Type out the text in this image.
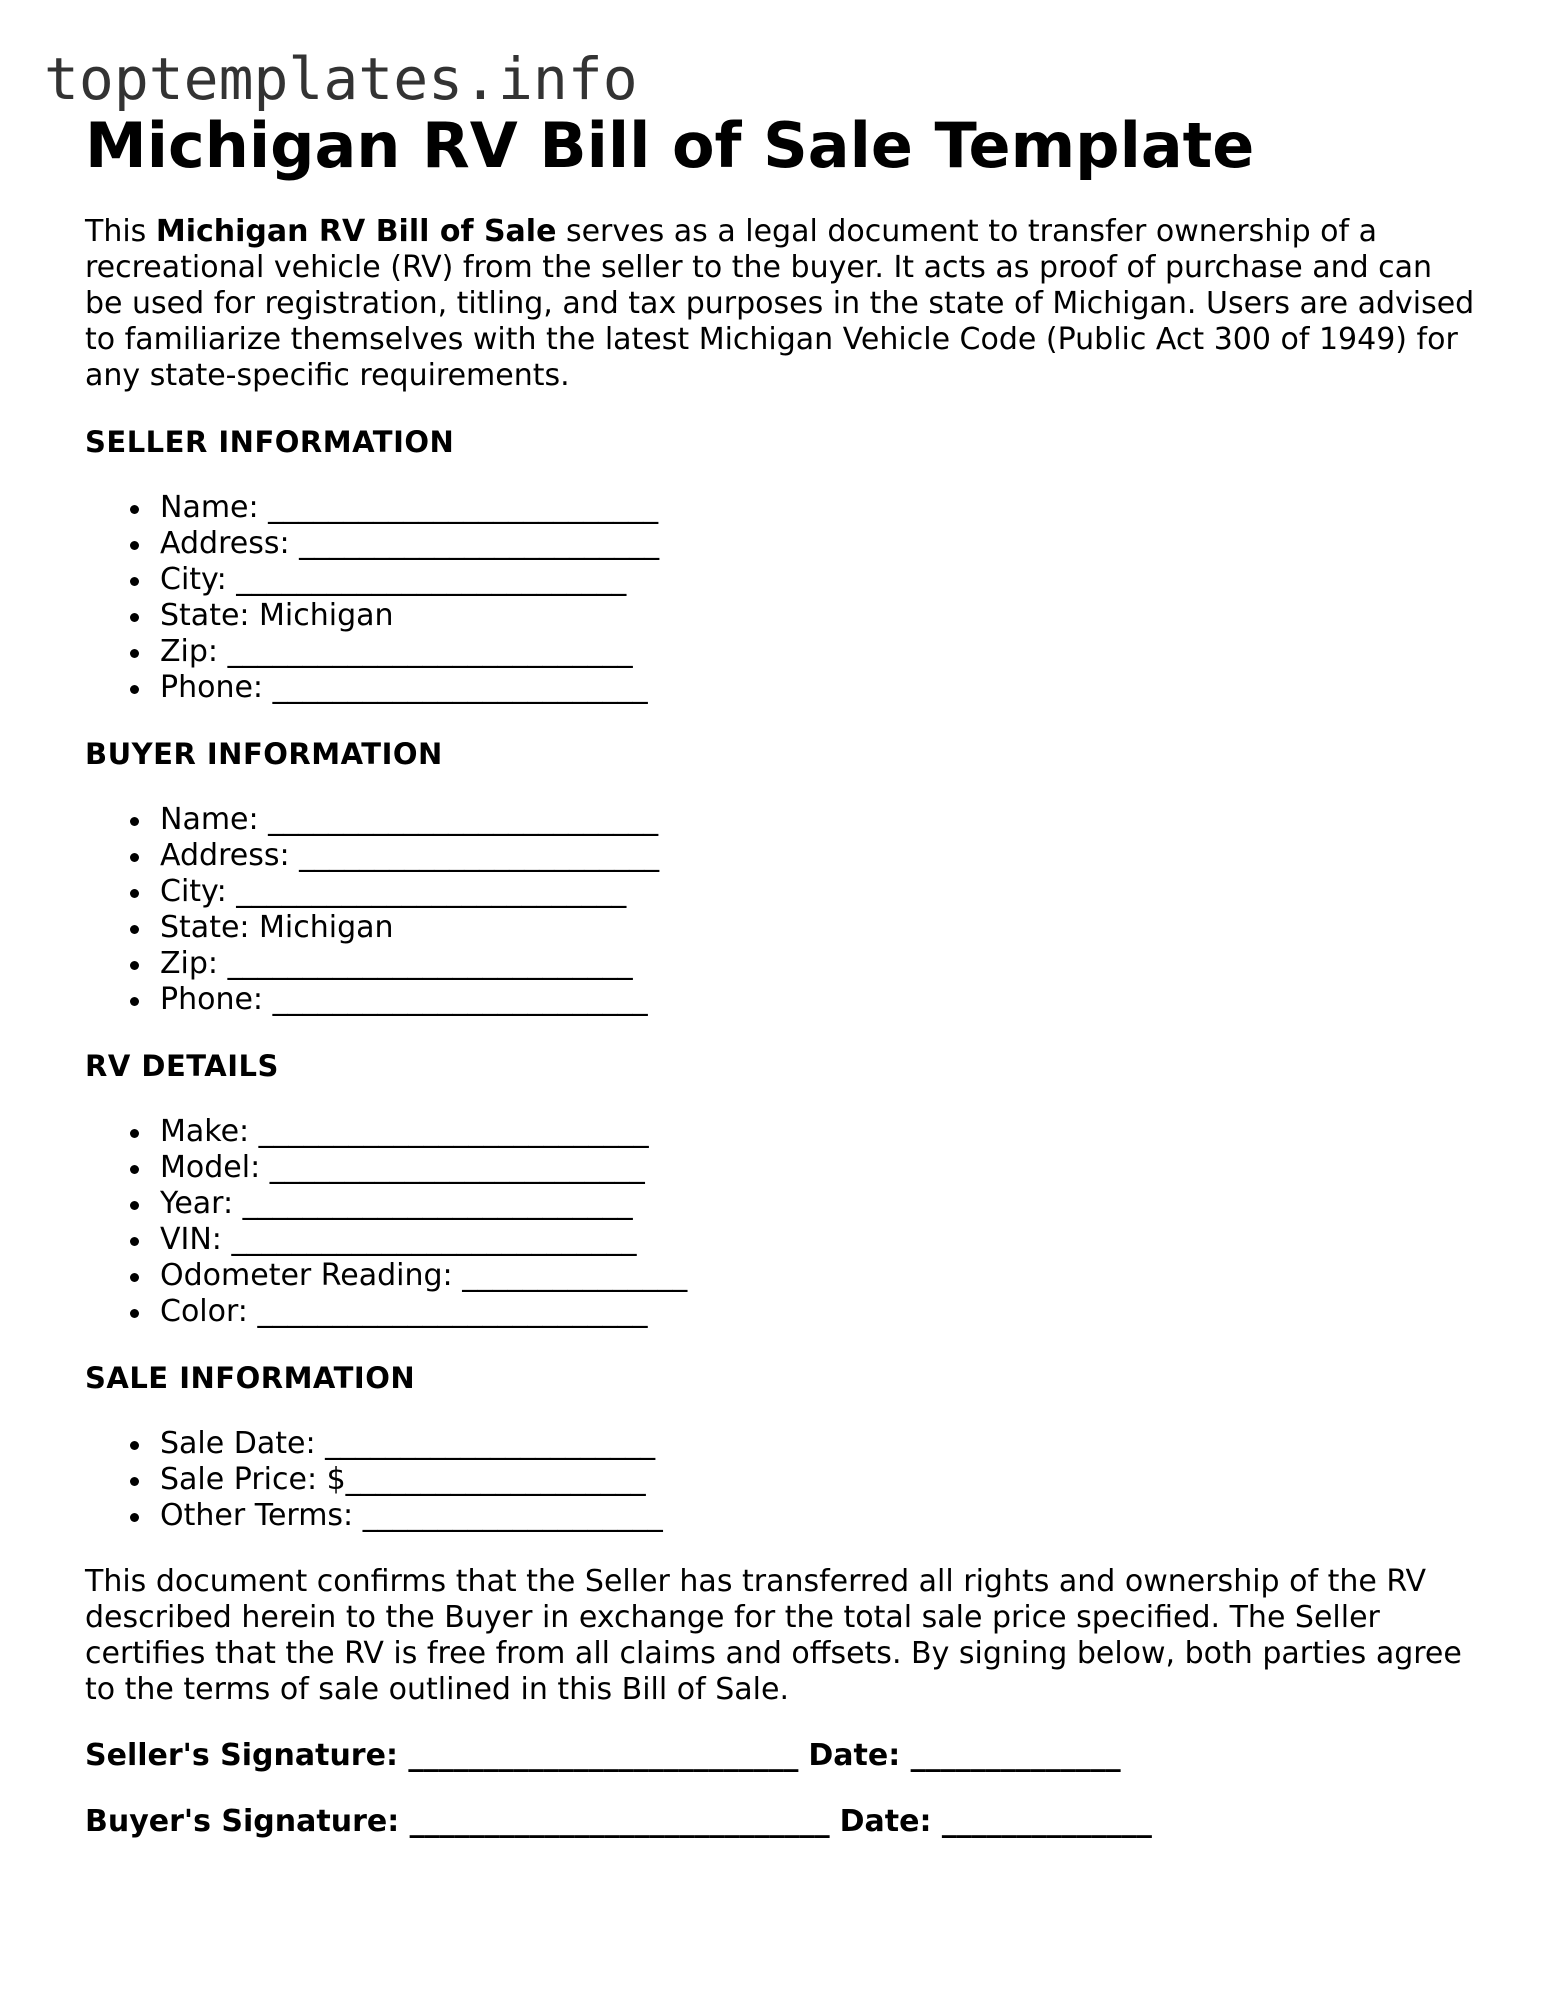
toptemplates.info
Michigan RV Bill of Sale Template

This Michigan RV Bill of Sale serves as a legal document to transfer ownership of a recreational vehicle (RV) from the seller to the buyer. It acts as proof of purchase and can be used for registration, titling, and tax purposes in the state of Michigan. Users are advised to familiarize themselves with the latest Michigan Vehicle Code (Public Act 300 of 1949) for any state-specific requirements.

SELLER INFORMATION
Name: __________________________
Address: ________________________
City: __________________________
State: Michigan
Zip: ___________________________
Phone: _________________________
BUYER INFORMATION
Name: __________________________
Address: ________________________
City: __________________________
State: Michigan
Zip: ___________________________
Phone: _________________________
RV DETAILS
Make: __________________________
Model: _________________________
Year: __________________________
VIN: ___________________________
Odometer Reading: _______________
Color: __________________________
SALE INFORMATION
Sale Date: ______________________
Sale Price: $____________________
Other Terms: ____________________

This document confirms that the Seller has transferred all rights and ownership of the RV described herein to the Buyer in exchange for the total sale price specified. The Seller certifies that the RV is free from all claims and offsets. By signing below, both parties agree to the terms of sale outlined in this Bill of Sale.

Seller's Signature: __________________________ Date: ______________
Buyer's Signature: ____________________________ Date: ______________
